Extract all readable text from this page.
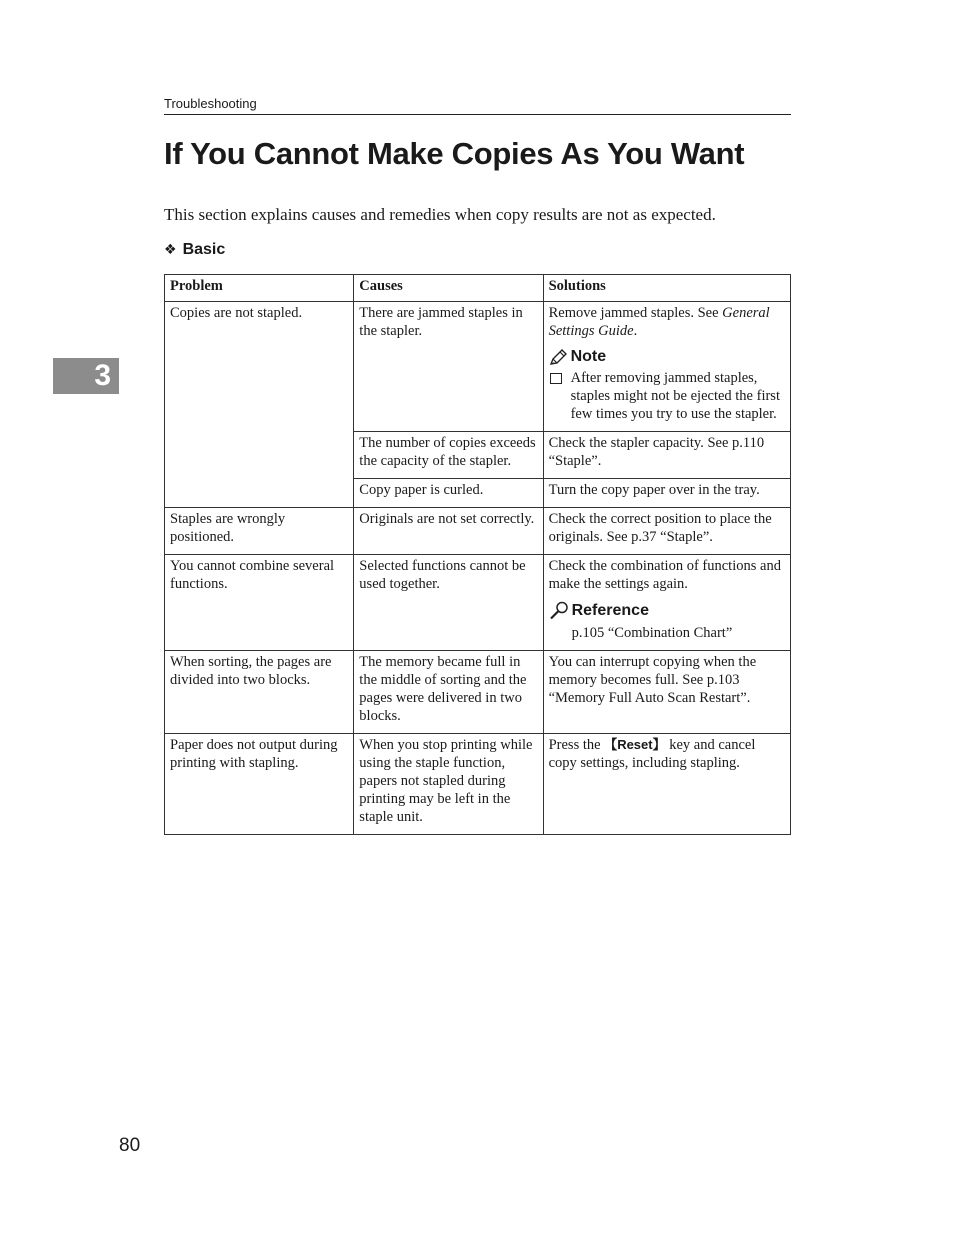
Troubleshooting
If You Cannot Make Copies As You Want

This section explains causes and remedies when copy results are not as expected.

❖ Basic
3
Problem	Causes	Solutions
Copies are not stapled.	There are jammed staples in the stapler.	Remove jammed staples. See General Settings Guide.
Note
After removing jammed staples, staples might not be ejected the first few times you try to use the stapler.

	The number of copies exceeds the capacity of the stapler.	Check the stapler capacity. See p.110 “Staple”.
	Copy paper is curled.	Turn the copy paper over in the tray.
Staples are wrongly positioned.	Originals are not set correctly.	Check the correct position to place the originals. See p.37 “Staple”.
You cannot combine several functions.	Selected functions cannot be used together.	Check the combination of functions and make the settings again.
Reference
p.105 “Combination Chart”

When sorting, the pages are divided into two blocks.	The memory became full in the middle of sorting and the pages were delivered in two blocks.	You can interrupt copying when the memory becomes full. See p.103 “Memory Full Auto Scan Restart”.
Paper does not output during printing with stapling.	When you stop printing while using the staple function, papers not stapled during printing may be left in the staple unit.	Press the 【Reset】 key and cancel copy settings, including stapling.
80
